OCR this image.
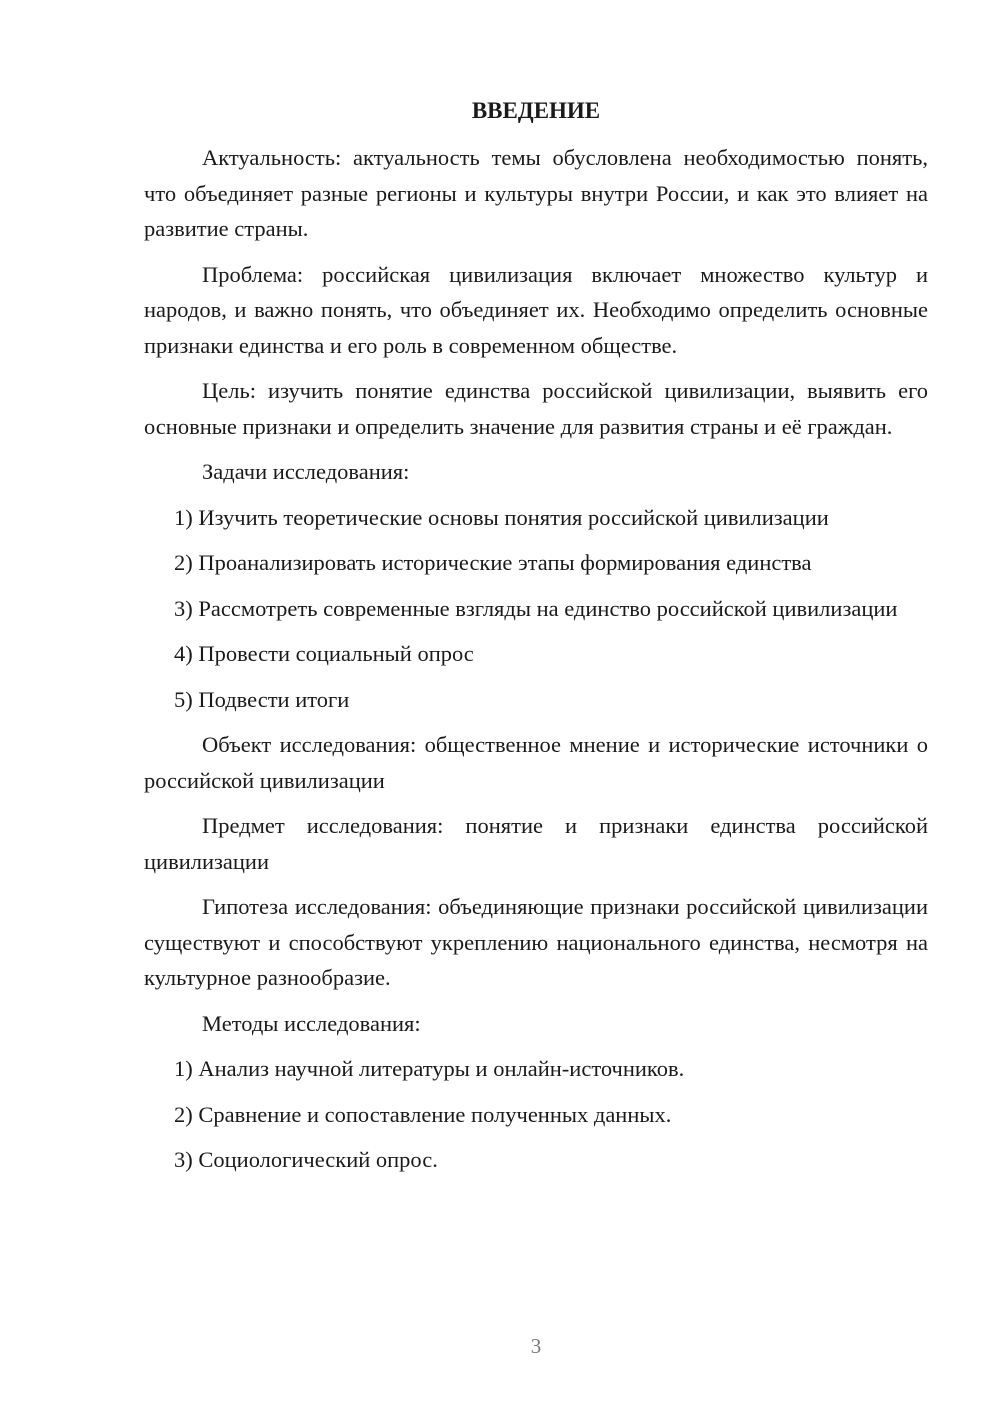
ВВЕДЕНИЕ

Актуальность: актуальность темы обусловлена необходимостью понять, что объединяет разные регионы и культуры внутри России, и как это влияет на развитие страны.

Проблема: российская цивилизация включает множество культур и народов, и важно понять, что объединяет их. Необходимо определить основные признаки единства и его роль в современном обществе.

Цель: изучить понятие единства российской цивилизации, выявить его основные признаки и определить значение для развития страны и её граждан.

Задачи исследования:

1) Изучить теоретические основы понятия российской цивилизации

2) Проанализировать исторические этапы формирования единства

3) Рассмотреть современные взгляды на единство российской цивилизации

4) Провести социальный опрос

5) Подвести итоги

Объект исследования: общественное мнение и исторические источники о российской цивилизации

Предмет исследования: понятие и признаки единства российской цивилизации

Гипотеза исследования: объединяющие признаки российской цивилизации существуют и способствуют укреплению национального единства, несмотря на культурное разнообразие.

Методы исследования:

1) Анализ научной литературы и онлайн-источников.

2) Сравнение и сопоставление полученных данных.

3) Социологический опрос.

3
